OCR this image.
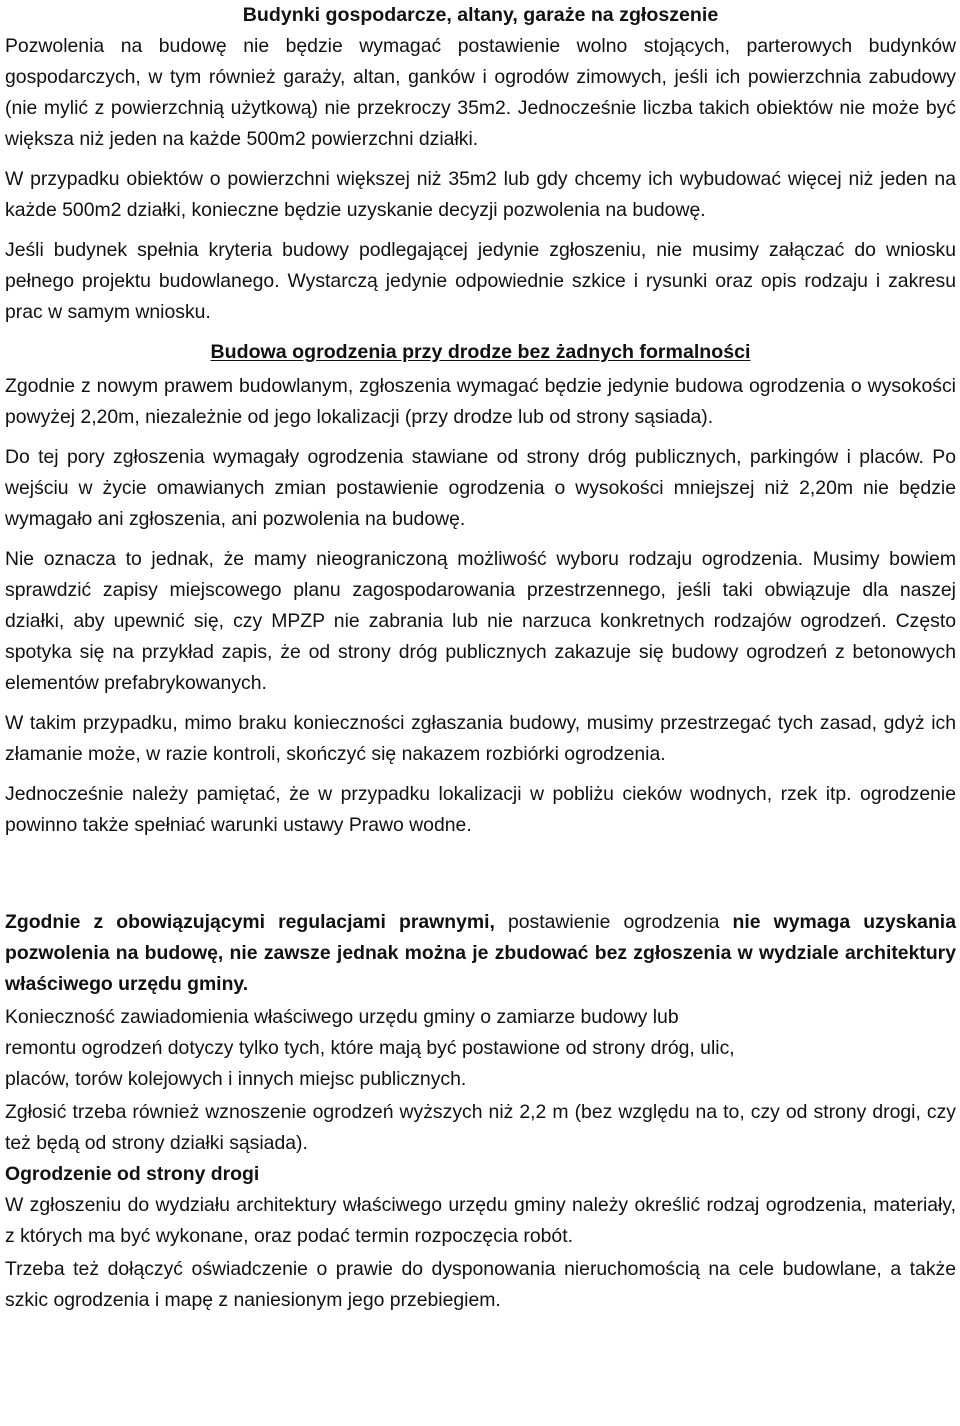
Budynki gospodarcze, altany, garaże na zgłoszenie

Pozwolenia na budowę nie będzie wymagać postawienie wolno stojących, parterowych budynków gospodarczych, w tym również garaży, altan, ganków i ogrodów zimowych, jeśli ich powierzchnia zabudowy (nie mylić z powierzchnią użytkową) nie przekroczy 35m2. Jednocześnie liczba takich obiektów nie może być większa niż jeden na każde 500m2 powierzchni działki.

W przypadku obiektów o powierzchni większej niż 35m2 lub gdy chcemy ich wybudować więcej niż jeden na każde 500m2 działki, konieczne będzie uzyskanie decyzji pozwolenia na budowę.

Jeśli budynek spełnia kryteria budowy podlegającej jedynie zgłoszeniu, nie musimy załączać do wniosku pełnego projektu budowlanego. Wystarczą jedynie odpowiednie szkice i rysunki oraz opis rodzaju i zakresu prac w samym wniosku.

Budowa ogrodzenia przy drodze bez żadnych formalności

Zgodnie z nowym prawem budowlanym, zgłoszenia wymagać będzie jedynie budowa ogrodzenia o wysokości powyżej 2,20m, niezależnie od jego lokalizacji (przy drodze lub od strony sąsiada).

Do tej pory zgłoszenia wymagały ogrodzenia stawiane od strony dróg publicznych, parkingów i placów. Po wejściu w życie omawianych zmian postawienie ogrodzenia o wysokości mniejszej niż 2,20m nie będzie wymagało ani zgłoszenia, ani pozwolenia na budowę.

Nie oznacza to jednak, że mamy nieograniczoną możliwość wyboru rodzaju ogrodzenia. Musimy bowiem sprawdzić zapisy miejscowego planu zagospodarowania przestrzennego, jeśli taki obwiązuje dla naszej działki, aby upewnić się, czy MPZP nie zabrania lub nie narzuca konkretnych rodzajów ogrodzeń. Często spotyka się na przykład zapis, że od strony dróg publicznych zakazuje się budowy ogrodzeń z betonowych elementów prefabrykowanych.

W takim przypadku, mimo braku konieczności zgłaszania budowy, musimy przestrzegać tych zasad, gdyż ich złamanie może, w razie kontroli, skończyć się nakazem rozbiórki ogrodzenia.

Jednocześnie należy pamiętać, że w przypadku lokalizacji w pobliżu cieków wodnych, rzek itp. ogrodzenie powinno także spełniać warunki ustawy Prawo wodne.

Zgodnie z obowiązującymi regulacjami prawnymi, postawienie ogrodzenia nie wymaga uzyskania pozwolenia na budowę, nie zawsze jednak można je zbudować bez zgłoszenia w wydziale architektury właściwego urzędu gminy.

Konieczność zawiadomienia właściwego urzędu gminy o zamiarze budowy lub
remontu ogrodzeń dotyczy tylko tych, które mają być postawione od strony dróg, ulic,
placów, torów kolejowych i innych miejsc publicznych.

Zgłosić trzeba również wznoszenie ogrodzeń wyższych niż 2,2 m (bez względu na to, czy od strony drogi, czy też będą od strony działki sąsiada).

Ogrodzenie od strony drogi

W zgłoszeniu do wydziału architektury właściwego urzędu gminy należy określić rodzaj ogrodzenia, materiały, z których ma być wykonane, oraz podać termin rozpoczęcia robót.

Trzeba też dołączyć oświadczenie o prawie do dysponowania nieruchomością na cele budowlane, a także szkic ogrodzenia i mapę z naniesionym jego przebiegiem.
